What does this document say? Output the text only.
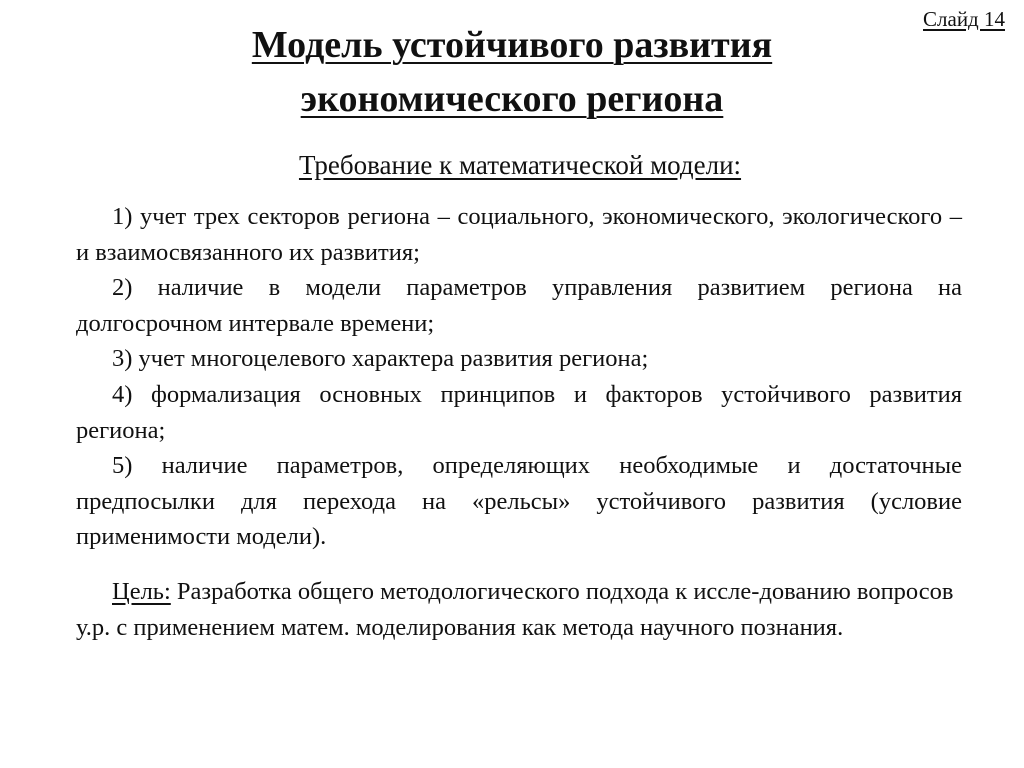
Слайд 14
Модель устойчивого развития
экономического региона

Требование к математической модели:

1) учет трех секторов региона – социального, экономического, экологического – и взаимосвязанного их развития;
2) наличие в модели параметров управления развитием региона на долгосрочном интервале времени;
3) учет многоцелевого характера развития региона;
4) формализация основных принципов и факторов устойчивого развития региона;
5) наличие параметров, определяющих необходимые и достаточные предпосылки для перехода на «рельсы» устойчивого развития (условие применимости модели).

Цель: Разработка общего методологического подхода к иссле-дованию вопросов у.р. с применением матем. моделирования как метода научного познания.
